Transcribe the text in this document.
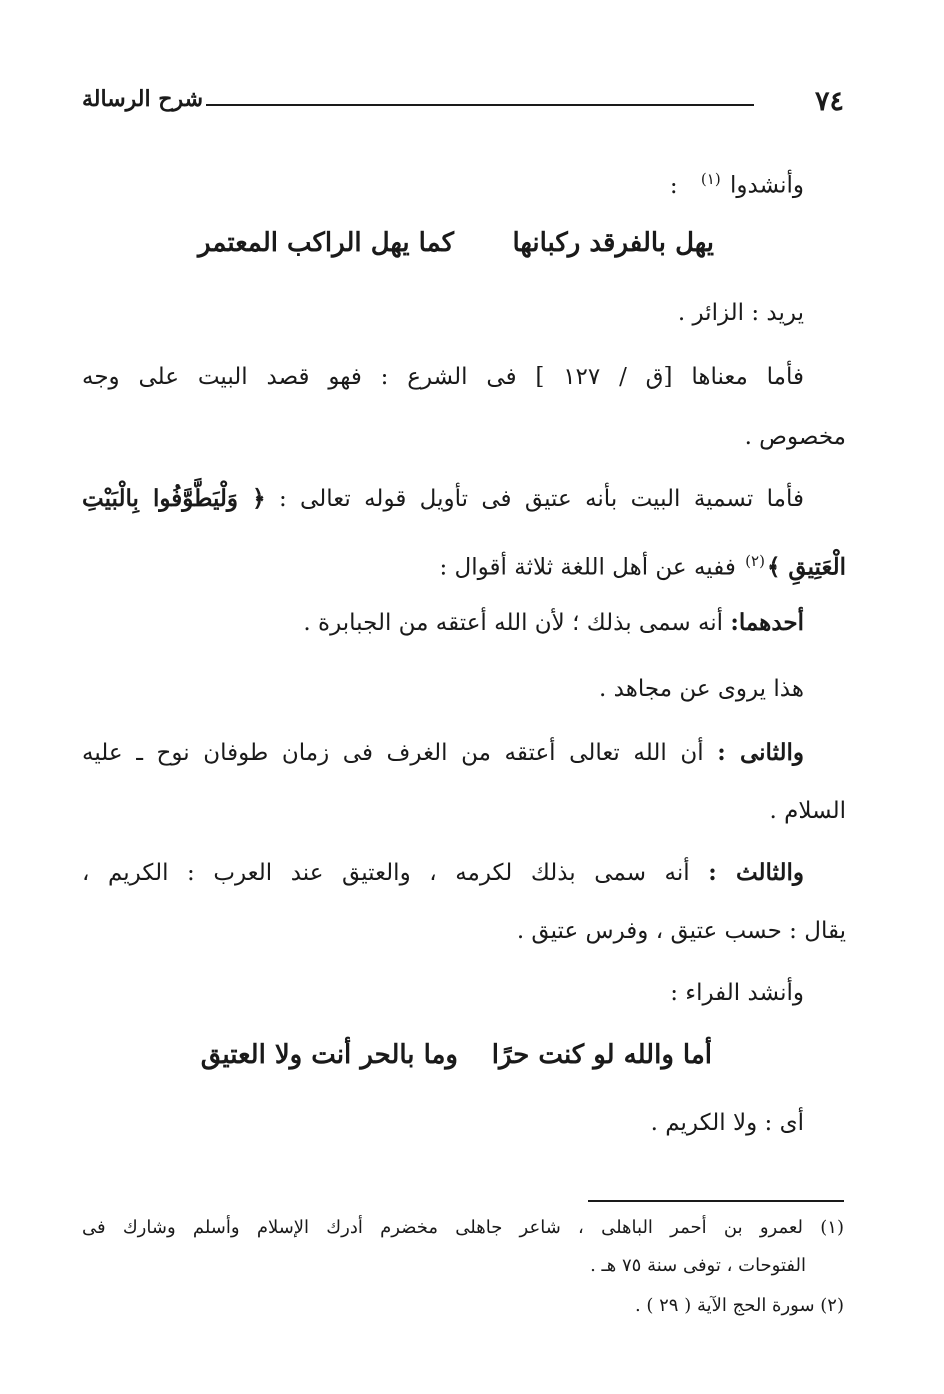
٧٤
شرح الرسالة
وأنشدوا $^{(١)}$ :
يهل بالفرقد ركبانها
كما يهل الراكب المعتمر
يريد : الزائر .
فأما معناها [ق / ١٢٧ ] فى الشرع : فهو قصد البيت على وجه
مخصوص .
فأما تسمية البيت بأنه عتيق فى تأويل قوله تعالى : ﴿ وَلْيَطَّوَّفُوا بِالْبَيْتِ
الْعَتِيقِ ﴾$^{(٢)}$ ففيه عن أهل اللغة ثلاثة أقوال :
أحدهما: أنه سمى بذلك ؛ لأن الله أعتقه من الجبابرة .
هذا يروى عن مجاهد .
والثانى : أن الله تعالى أعتقه من الغرف فى زمان طوفان نوح ـ عليه
السلام .
والثالث : أنه سمى بذلك لكرمه ، والعتيق عند العرب : الكريم ،
يقال : حسب عتيق ، وفرس عتيق .
وأنشد الفراء :
أما والله لو كنت حرًا
وما بالحر أنت ولا العتيق
أى : ولا الكريم .
(١) لعمرو بن أحمر الباهلى ، شاعر جاهلى مخضرم أدرك الإسلام وأسلم وشارك فى
الفتوحات ، توفى سنة ٧٥ هـ .
(٢) سورة الحج الآية ( ٢٩ ) .
